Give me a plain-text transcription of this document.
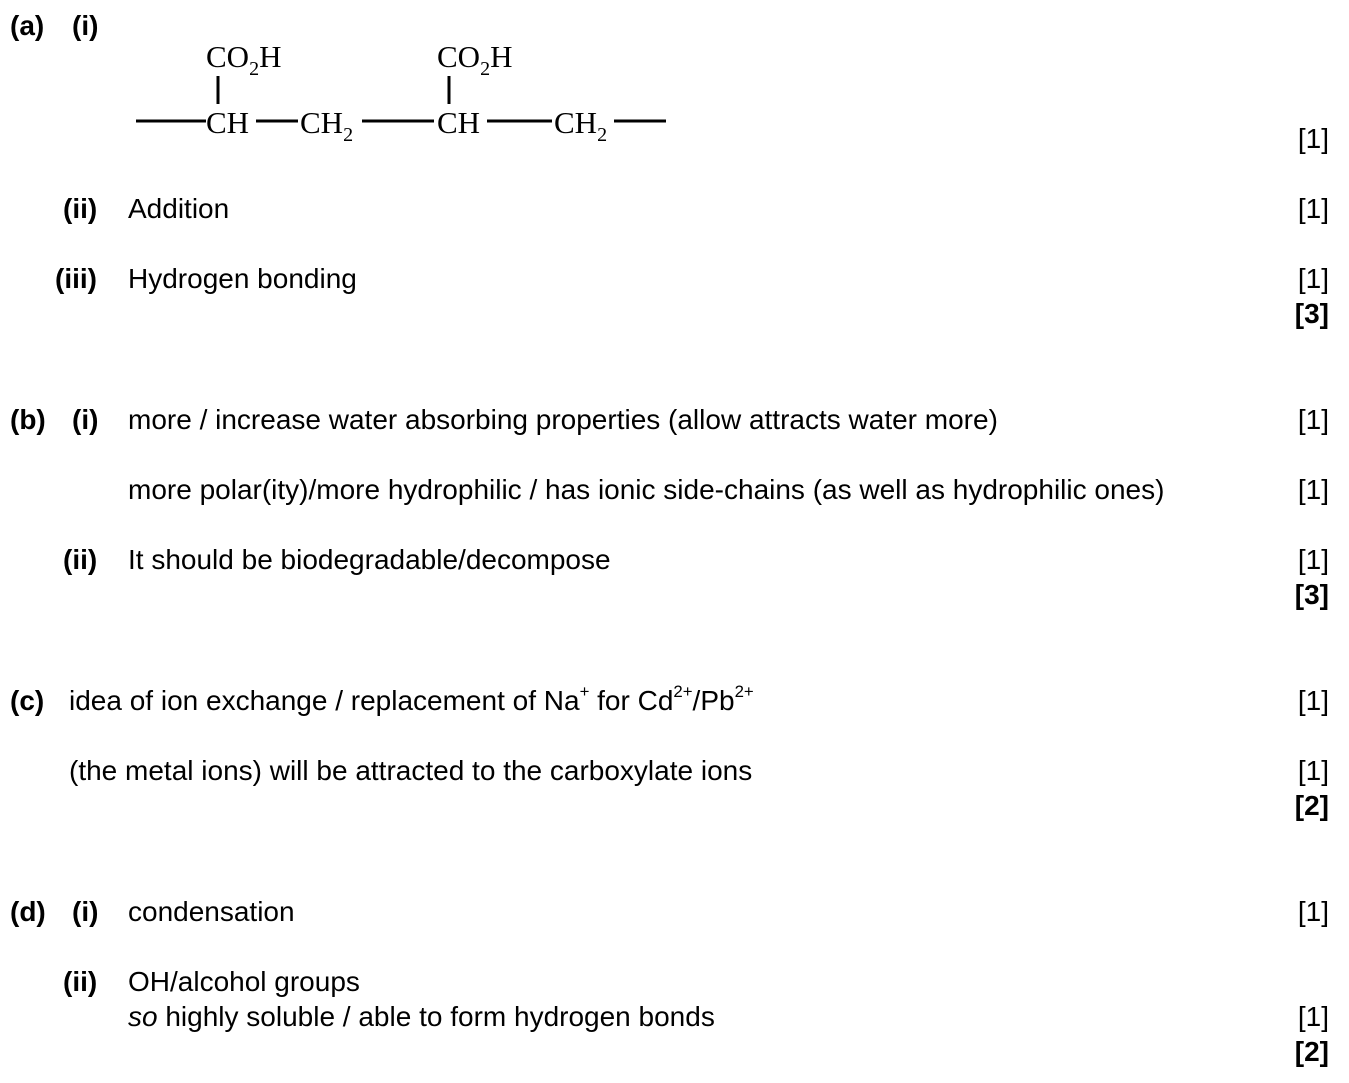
(a) (i)
$CO_2H$
CH $CH_2$
$CO_2H$
CH $CH_2$	[1]
(ii) Addition	[1]
(iii) Hydrogen bonding	[1]
[3]
(b) (i) more / increase water absorbing properties (allow attracts water more)	[1]
more polar(ity)/more hydrophilic / has ionic side-chains (as well as hydrophilic ones)	[1]
(ii) It should be biodegradable/decompose	[1]
[3]
(c) idea of ion exchange / replacement of Na+ for $Cd^{2+}/Pb^{2+}$	[1]
(the metal ions) will be attracted to the carboxylate ions	[1]
[2]
(d) (i) condensation	[1]
(ii) OH/alcohol groups
so highly soluble / able to form hydrogen bonds	[1]
[2]
